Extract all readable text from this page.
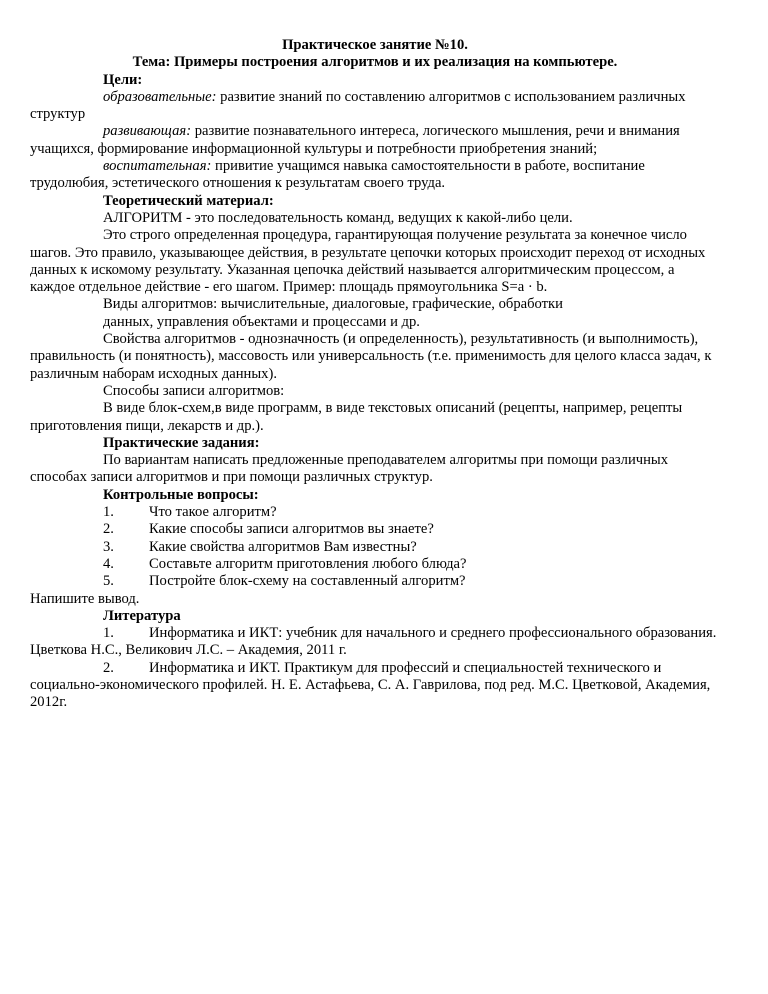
Практическое занятие №10.

Тема: Примеры построения алгоритмов и их реализация на компьютере.

Цели:

образовательные: развитие знаний по составлению алгоритмов с использованием различных структур

развивающая: развитие познавательного интереса, логического мышления, речи и внимания учащихся, формирование информационной культуры и потребности приобретения знаний;

воспитательная: привитие учащимся навыка самостоятельности в работе, воспитание трудолюбия, эстетического отношения к результатам своего труда.

Теоретический материал:

АЛГОРИТМ - это последовательность команд, ведущих к какой-либо цели.

Это строго определенная процедура, гарантирующая получение результата за конечное число шагов. Это правило, указывающее действия, в результате цепочки которых происходит переход от исходных данных к искомому результату. Указанная цепочка действий называется алгоритмическим процессом, а каждое отдельное действие - его шагом. Пример: площадь прямоугольника S=a · b.

Виды алгоритмов: вычислительные, диалоговые, графические, обработки

данных, управления объектами и процессами и др.

Свойства алгоритмов - однозначность (и определенность), результативность (и выполнимость), правильность (и понятность), массовость или универсальность (т.е. применимость для целого класса задач, к различным наборам исходных данных).

Способы записи алгоритмов:

В виде блок-схем,в виде программ, в виде текстовых описаний (рецепты, например, рецепты приготовления пищи, лекарств и др.).

Практические задания:

По вариантам написать предложенные преподавателем алгоритмы при помощи различных способах записи алгоритмов и при помощи различных структур.

Контрольные вопросы:

1.	Что такое алгоритм?
2.	Какие способы записи алгоритмов вы знаете?
3.	Какие свойства алгоритмов Вам известны?
4.	Составьте алгоритм приготовления любого блюда?
5.	Постройте блок-схему на составленный алгоритм?

Напишите вывод.

Литература

1. Информатика и ИКТ: учебник для начального и среднего профессионального образования. Цветкова Н.С., Великович Л.С. – Академия, 2011 г.

2. Информатика и ИКТ. Практикум для профессий и специальностей технического и социально-экономического профилей. Н. Е. Астафьева, С. А. Гаврилова, под ред. М.С. Цветковой, Академия, 2012г.
